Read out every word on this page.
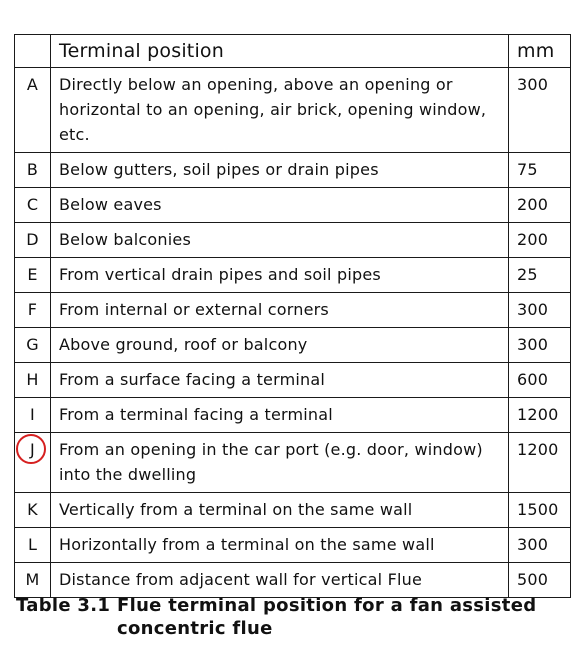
	Terminal position	mm
A	Directly below an opening, above an opening or horizontal to an opening, air brick, opening window, etc.	300
B	Below gutters, soil pipes or drain pipes	75
C	Below eaves	200
D	Below balconies	200
E	From vertical drain pipes and soil pipes	25
F	From internal or external corners	300
G	Above ground, roof or balcony	300
H	From a surface facing a terminal	600
I	From a terminal facing a terminal	1200
J	From an opening in the car port (e.g. door, window) into the dwelling	1200
K	Vertically from a terminal on the same wall	1500
L	Horizontally from a terminal on the same wall	300
M	Distance from adjacent wall for vertical Flue	500
Table 3.1 Flue terminal position for a fan assisted
concentric flue
